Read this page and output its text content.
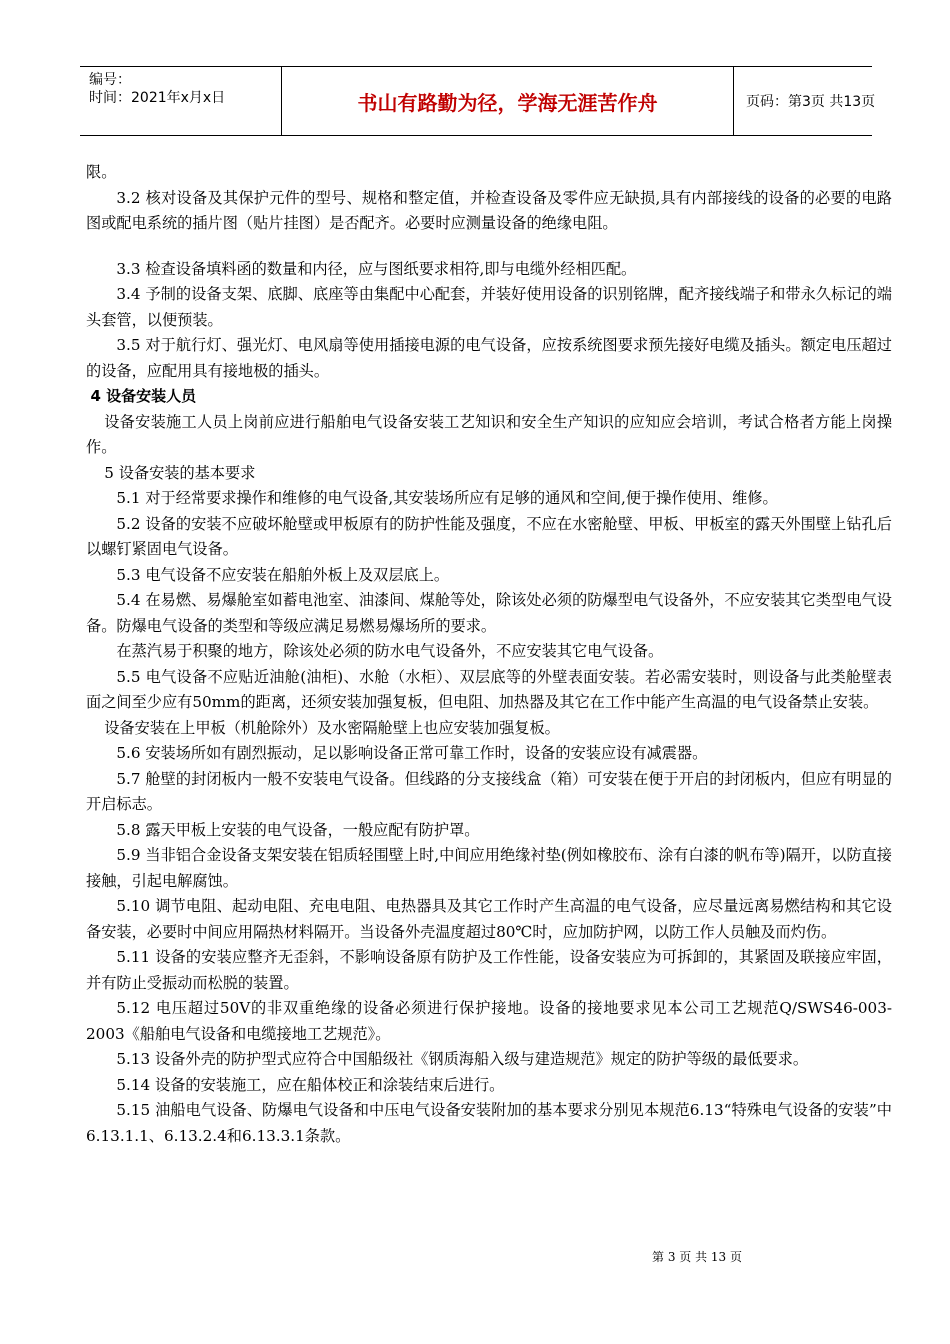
编号：
时间：2021年x月x日	书山有路勤为径，学海无涯苦作舟	页码：第3页 共13页

限。

3.2 核对设备及其保护元件的型号、规格和整定值，并检查设备及零件应无缺损,具有内部接线的设备的必要的电路图或配电系统的插片图（贴片挂图）是否配齐。必要时应测量设备的绝缘电阻。

3.3 检查设备填料函的数量和内径，应与图纸要求相符,即与电缆外经相匹配。

3.4 予制的设备支架、底脚、底座等由集配中心配套，并装好使用设备的识别铭牌，配齐接线端子和带永久标记的端头套管，以便预装。

3.5 对于航行灯、强光灯、电风扇等使用插接电源的电气设备，应按系统图要求预先接好电缆及插头。额定电压超过的设备，应配用具有接地极的插头。

4 设备安装人员

设备安装施工人员上岗前应进行船舶电气设备安装工艺知识和安全生产知识的应知应会培训，考试合格者方能上岗操作。

5 设备安装的基本要求

5.1 对于经常要求操作和维修的电气设备,其安装场所应有足够的通风和空间,便于操作使用、维修。

5.2 设备的安装不应破坏舱壁或甲板原有的防护性能及强度，不应在水密舱壁、甲板、甲板室的露天外围壁上钻孔后以螺钉紧固电气设备。

5.3 电气设备不应安装在船舶外板上及双层底上。

5.4 在易燃、易爆舱室如蓄电池室、油漆间、煤舱等处，除该处必须的防爆型电气设备外，不应安装其它类型电气设备。防爆电气设备的类型和等级应满足易燃易爆场所的要求。

在蒸汽易于积聚的地方，除该处必须的防水电气设备外，不应安装其它电气设备。

5.5 电气设备不应贴近油舱(油柜)、水舱（水柜）、双层底等的外壁表面安装。若必需安装时，则设备与此类舱壁表面之间至少应有50mm的距离，还须安装加强复板，但电阻、加热器及其它在工作中能产生高温的电气设备禁止安装。

设备安装在上甲板（机舱除外）及水密隔舱壁上也应安装加强复板。

5.6 安装场所如有剧烈振动，足以影响设备正常可靠工作时，设备的安装应设有减震器。

5.7 舱壁的封闭板内一般不安装电气设备。但线路的分支接线盒（箱）可安装在便于开启的封闭板内，但应有明显的开启标志。

5.8 露天甲板上安装的电气设备，一般应配有防护罩。

5.9 当非铝合金设备支架安装在铝质轻围壁上时,中间应用绝缘衬垫(例如橡胶布、涂有白漆的帆布等)隔开，以防直接接触，引起电解腐蚀。

5.10 调节电阻、起动电阻、充电电阻、电热器具及其它工作时产生高温的电气设备，应尽量远离易燃结构和其它设备安装，必要时中间应用隔热材料隔开。当设备外壳温度超过80℃时，应加防护网，以防工作人员触及而灼伤。

5.11 设备的安装应整齐无歪斜，不影响设备原有防护及工作性能，设备安装应为可拆卸的，其紧固及联接应牢固，并有防止受振动而松脱的装置。

5.12 电压超过50V的非双重绝缘的设备必须进行保护接地。设备的接地要求见本公司工艺规范Q/SWS46-003-2003《船舶电气设备和电缆接地工艺规范》。

5.13 设备外壳的防护型式应符合中国船级社《钢质海船入级与建造规范》规定的防护等级的最低要求。

5.14 设备的安装施工，应在船体校正和涂装结束后进行。

5.15 油船电气设备、防爆电气设备和中压电气设备安装附加的基本要求分别见本规范6.13“特殊电气设备的安装”中6.13.1.1、6.13.2.4和6.13.3.1条款。

第 3 页 共 13 页
